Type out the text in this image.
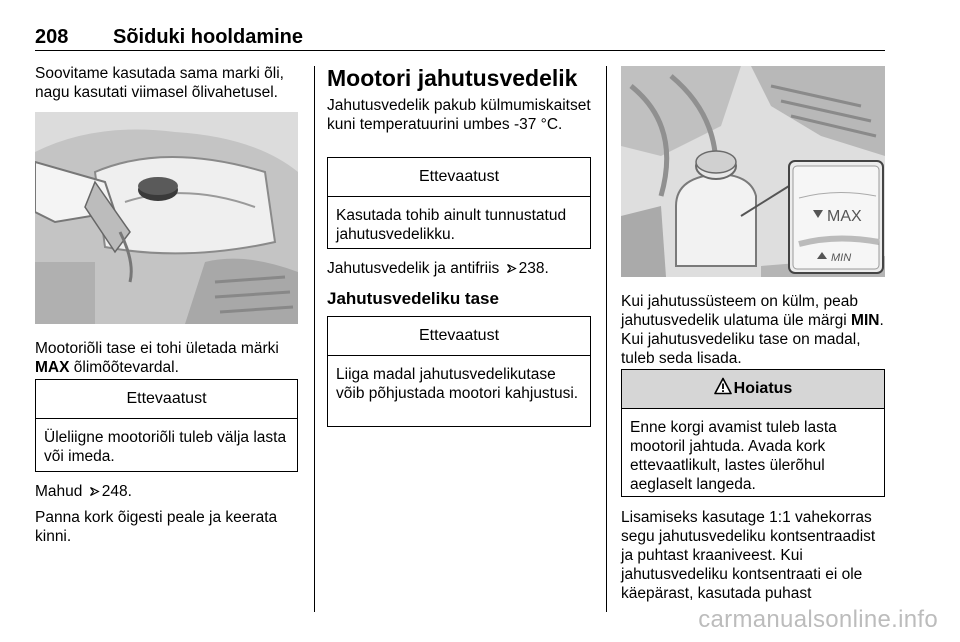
208 Sõiduki hooldamine

Soovitame kasutada sama marki õli, nagu kasutati viimasel õlivahetusel.

Mootoriõli tase ei tohi ületada märki MAX õlimõõtevardal.

Ettevaatust
Üleliigne mootoriõli tuleb välja lasta või imeda.

Mahud 248.

Panna kork õigesti peale ja keerata kinni.

Mootori jahutusvedelik

Jahutusvedelik pakub külmumiskaitset kuni temperatuurini umbes -37 °C.

Ettevaatust
Kasutada tohib ainult tunnustatud jahutusvedelikku.

Jahutusvedelik ja antifriis 238.

Jahutusvedeliku tase
Ettevaatust
Liiga madal jahutusvedelikutase võib põhjustada mootori kahjustusi.
MAX
MIN

Kui jahutussüsteem on külm, peab jahutusvedelik ulatuma üle märgi MIN. Kui jahutusvedeliku tase on madal, tuleb seda lisada.

Hoiatus
Enne korgi avamist tuleb lasta mootoril jahtuda. Avada kork ettevaatlikult, lastes ülerõhul aeglaselt langeda.

Lisamiseks kasutage 1:1 vahekorras segu jahutusvedeliku kontsentraadist ja puhtast kraaniveest. Kui jahutusvedeliku kontsentraati ei ole käepärast, kasutada puhast

carmanualsonline.info
